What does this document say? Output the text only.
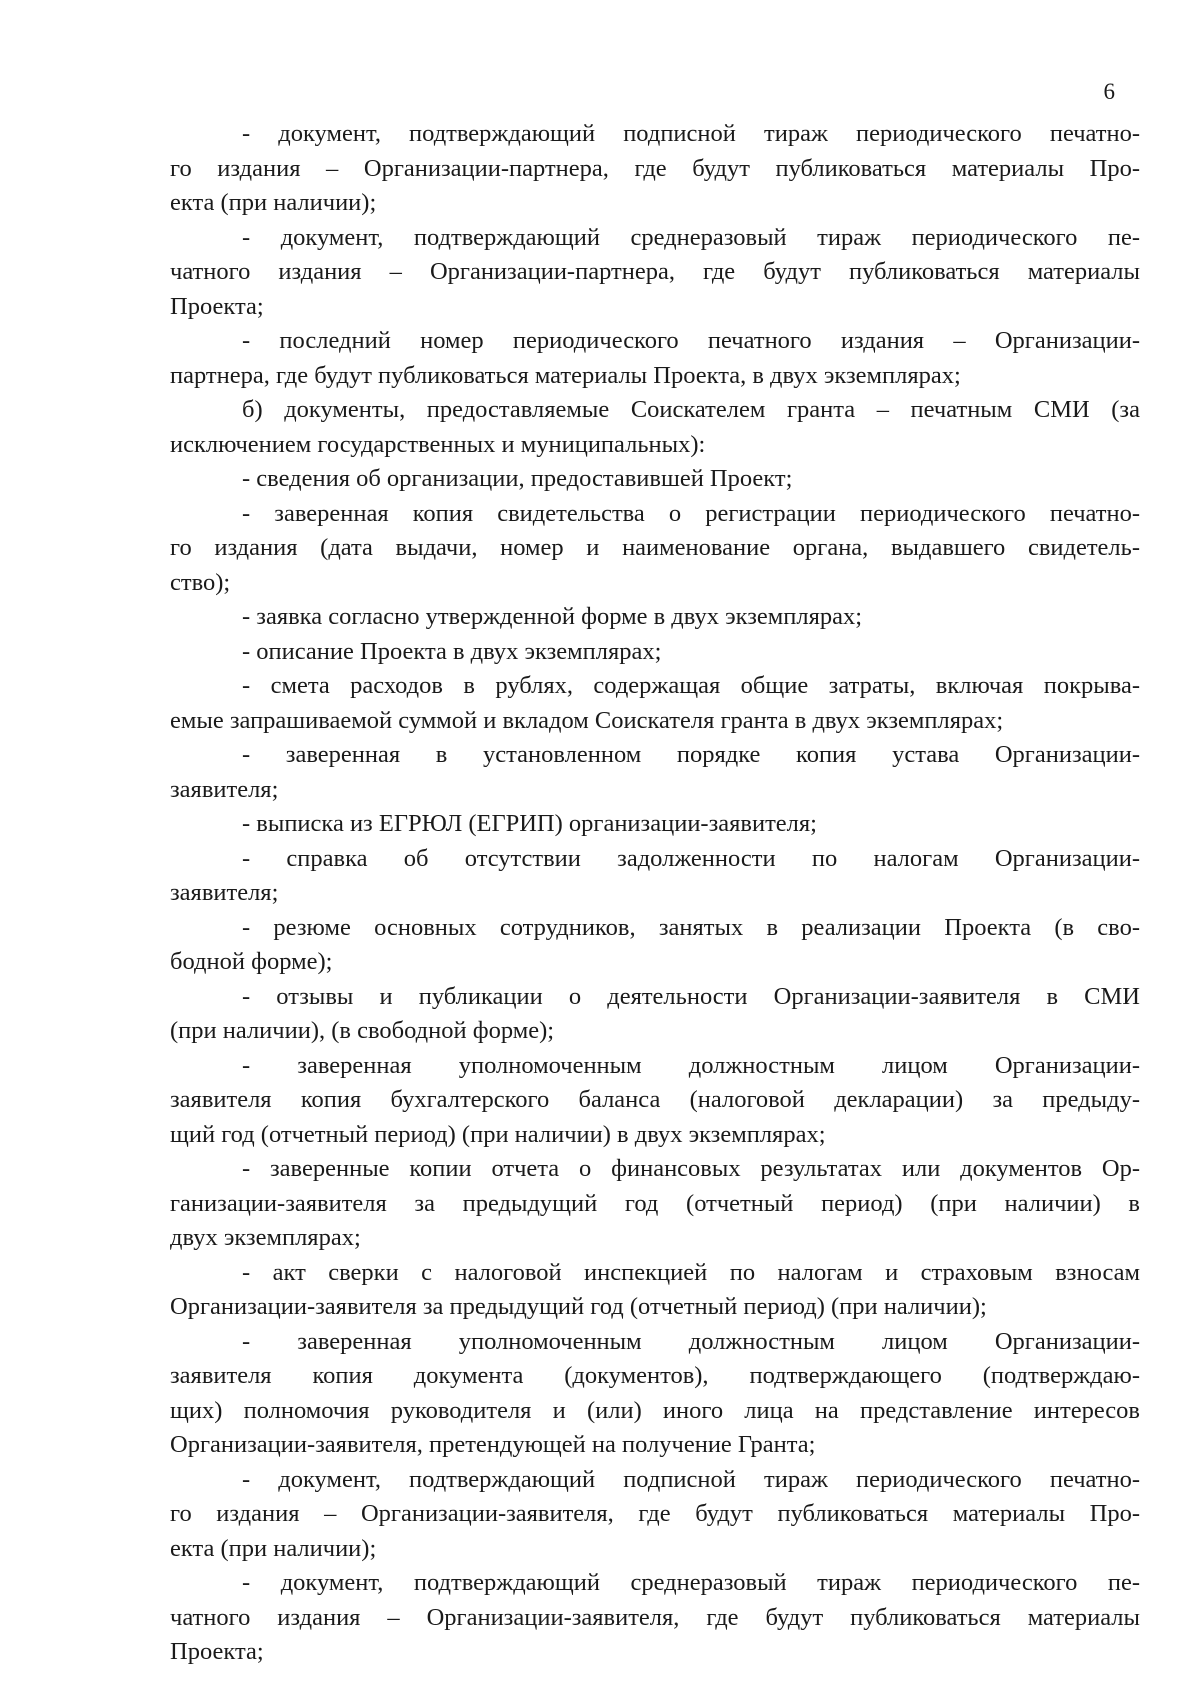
6

- документ, подтверждающий подписной тираж периодического печатно-
го издания – Организации-партнера, где будут публиковаться материалы Про-
екта (при наличии);

- документ, подтверждающий среднеразовый тираж периодического пе-
чатного издания – Организации-партнера, где будут публиковаться материалы
Проекта;

- последний номер периодического печатного издания – Организации-
партнера, где будут публиковаться материалы Проекта, в двух экземплярах;

б) документы, предоставляемые Соискателем гранта – печатным СМИ (за
исключением государственных и муниципальных):

- сведения об организации, предоставившей Проект;

- заверенная копия свидетельства о регистрации периодического печатно-
го издания (дата выдачи, номер и наименование органа, выдавшего свидетель-
ство);

- заявка согласно утвержденной форме в двух экземплярах;

- описание Проекта в двух экземплярах;

- смета расходов в рублях, содержащая общие затраты, включая покрыва-
емые запрашиваемой суммой и вкладом Соискателя гранта в двух экземплярах;

- заверенная в установленном порядке копия устава Организации-
заявителя;

- выписка из ЕГРЮЛ (ЕГРИП) организации-заявителя;

- справка об отсутствии задолженности по налогам Организации-
заявителя;

- резюме основных сотрудников, занятых в реализации Проекта (в сво-
бодной форме);

- отзывы и публикации о деятельности Организации-заявителя в СМИ
(при наличии), (в свободной форме);

- заверенная уполномоченным должностным лицом Организации-
заявителя копия бухгалтерского баланса (налоговой декларации) за предыду-
щий год (отчетный период) (при наличии) в двух экземплярах;

- заверенные копии отчета о финансовых результатах или документов Ор-
ганизации-заявителя за предыдущий год (отчетный период) (при наличии) в
двух экземплярах;

- акт сверки с налоговой инспекцией по налогам и страховым взносам
Организации-заявителя за предыдущий год (отчетный период) (при наличии);

- заверенная уполномоченным должностным лицом Организации-
заявителя копия документа (документов), подтверждающего (подтверждаю-
щих) полномочия руководителя и (или) иного лица на представление интересов
Организации-заявителя, претендующей на получение Гранта;

- документ, подтверждающий подписной тираж периодического печатно-
го издания – Организации-заявителя, где будут публиковаться материалы Про-
екта (при наличии);

- документ, подтверждающий среднеразовый тираж периодического пе-
чатного издания – Организации-заявителя, где будут публиковаться материалы
Проекта;
